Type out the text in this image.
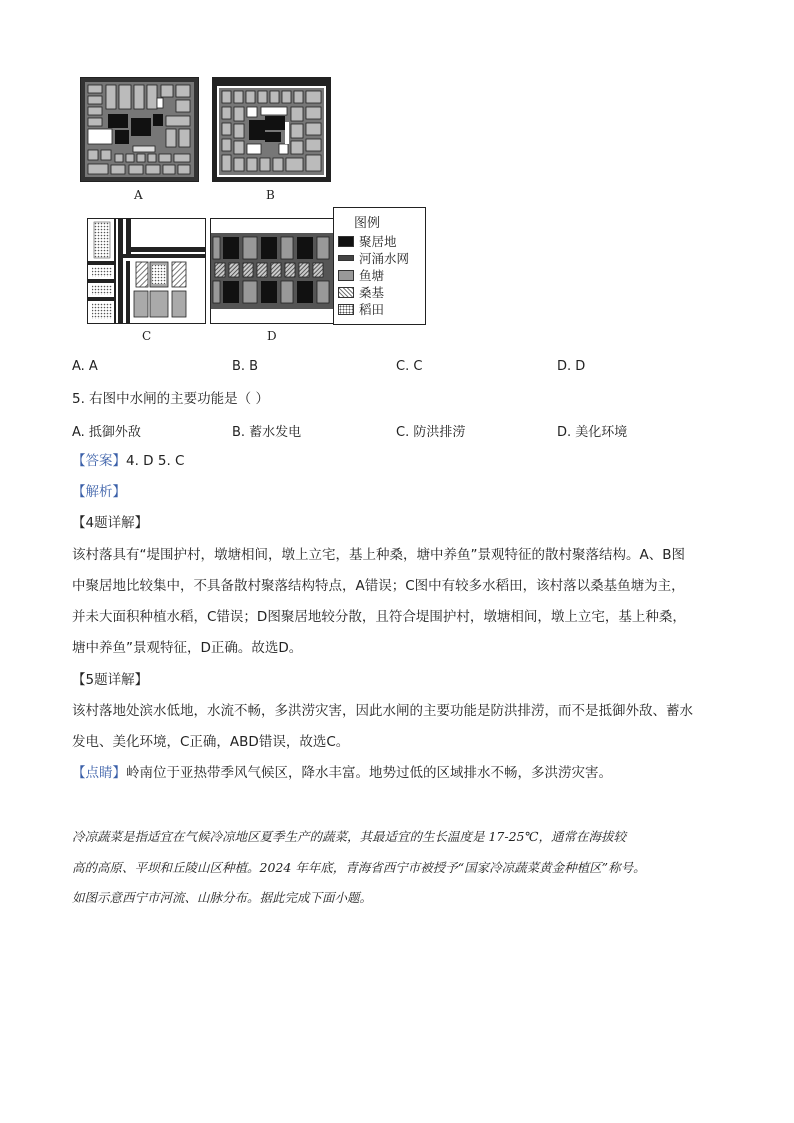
A	B
C	D
图例
聚居地
河涌水网
鱼塘
桑基
稻田
A. A	B. B	C. C	D. D
5. 右图中水闸的主要功能是（ ）
A. 抵御外敌	B. 蓄水发电	C. 防洪排涝	D. 美化环境
【答案】4. D 5. C
【解析】
【4题详解】
该村落具有“堤围护村，墩塘相间，墩上立宅，基上种桑，塘中养鱼”景观特征的散村聚落结构。A、B图
中聚居地比较集中，不具备散村聚落结构特点，A错误；C图中有较多水稻田，该村落以桑基鱼塘为主，
并未大面积种植水稻，C错误；D图聚居地较分散，且符合堤围护村，墩塘相间，墩上立宅，基上种桑，
塘中养鱼”景观特征，D正确。故选D。
【5题详解】
该村落地处滨水低地，水流不畅，多洪涝灾害，因此水闸的主要功能是防洪排涝，而不是抵御外敌、蓄水
发电、美化环境，C正确，ABD错误，故选C。
【点睛】岭南位于亚热带季风气候区，降水丰富。地势过低的区域排水不畅，多洪涝灾害。
冷凉蔬菜是指适宜在气候冷凉地区夏季生产的蔬菜，其最适宜的生长温度是 17-25℃，通常在海拔较
高的高原、平坝和丘陵山区种植。2024 年年底，青海省西宁市被授予“国家冷凉蔬菜黄金种植区”称号。
如图示意西宁市河流、山脉分布。据此完成下面小题。
